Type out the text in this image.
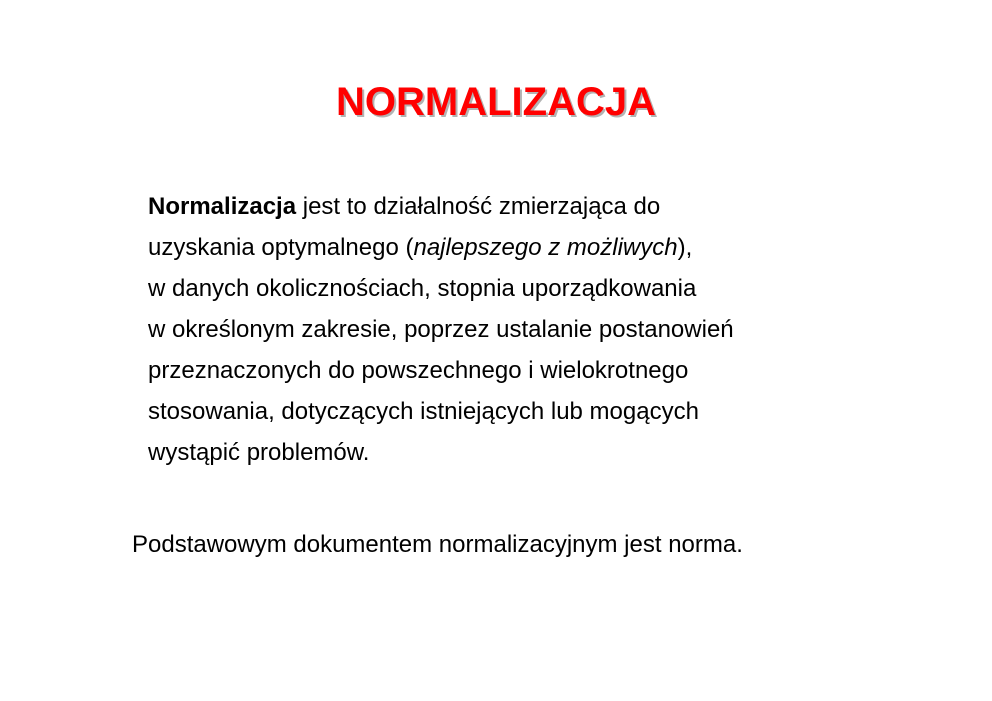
NORMALIZACJA

Normalizacja jest to działalność zmierzająca do
uzyskania optymalnego (najlepszego z możliwych),
w danych okolicznościach, stopnia uporządkowania
w określonym zakresie, poprzez ustalanie postanowień
przeznaczonych do powszechnego i wielokrotnego
stosowania, dotyczących istniejących lub mogących
wystąpić problemów.

Podstawowym dokumentem normalizacyjnym jest norma.
